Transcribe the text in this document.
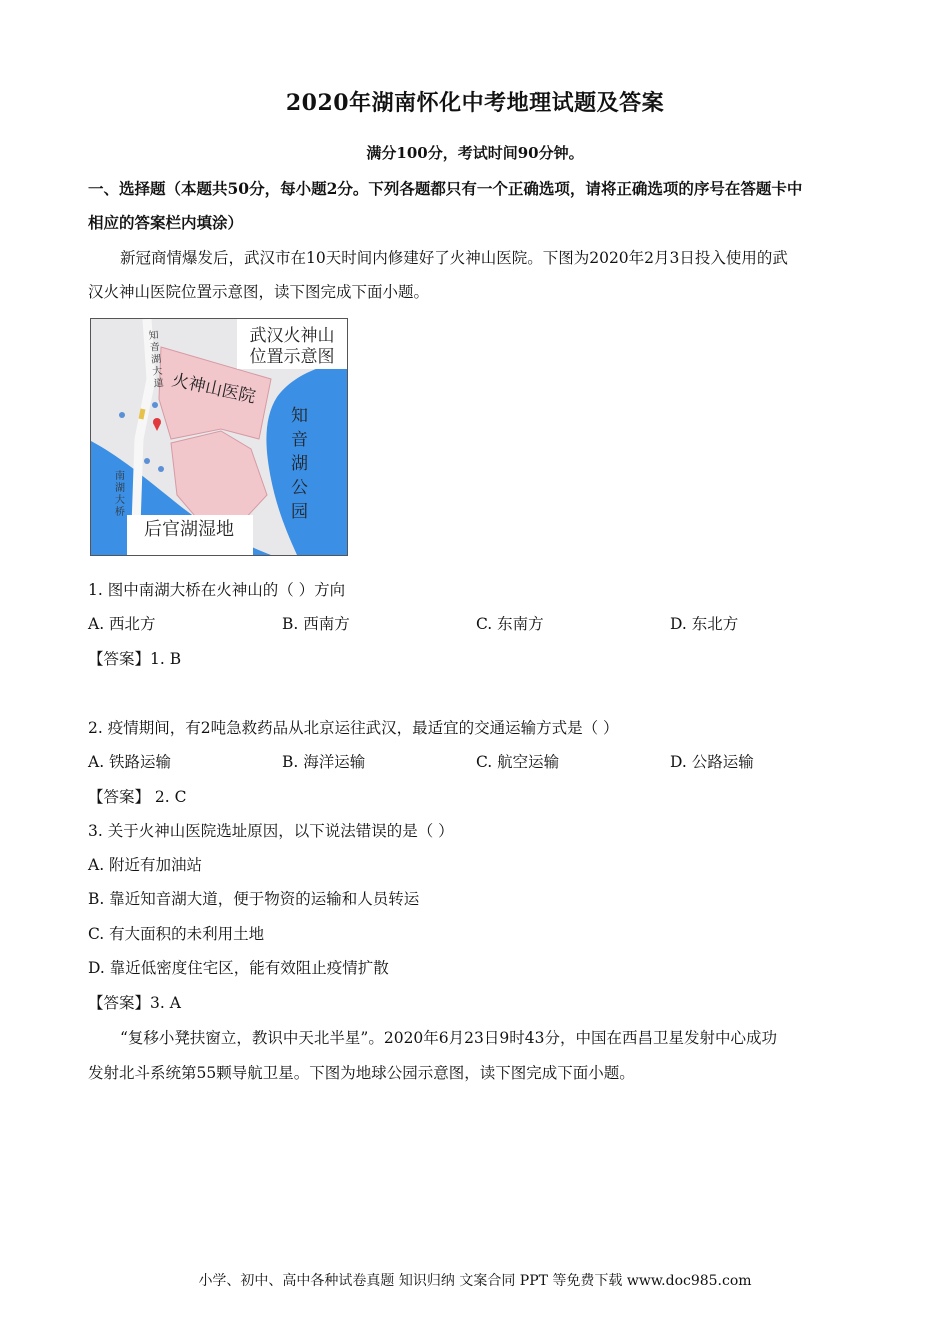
2020年湖南怀化中考地理试题及答案
满分100分，考试时间90分钟。
一、选择题（本题共50分，每小题2分。下列各题都只有一个正确选项，请将正确选项的序号在答题卡中
相应的答案栏内填涂）
新冠商情爆发后，武汉市在10天时间内修建好了火神山医院。下图为2020年2月3日投入使用的武
汉火神山医院位置示意图，读下图完成下面小题。
武汉火神山
位置示意图
火神山医院
后官湖湿地
知 音 湖 公 园
知 音 湖 大 道
南 湖 大 桥
1. 图中南湖大桥在火神山的（ ）方向
A. 西北方	B. 西南方	C. 东南方	D. 东北方
【答案】1. B
2. 疫情期间，有2吨急救药品从北京运往武汉，最适宜的交通运输方式是（ ）
A. 铁路运输	B. 海洋运输	C. 航空运输	D. 公路运输
【答案】 2. C
3. 关于火神山医院选址原因，以下说法错误的是（ ）
A. 附近有加油站
B. 靠近知音湖大道，便于物资的运输和人员转运
C. 有大面积的未利用土地
D. 靠近低密度住宅区，能有效阻止疫情扩散
【答案】3. A
“复移小凳扶窗立，教识中天北半星”。2020年6月23日9时43分，中国在西昌卫星发射中心成功
发射北斗系统第55颗导航卫星。下图为地球公园示意图，读下图完成下面小题。
小学、初中、高中各种试卷真题 知识归纳 文案合同 PPT 等免费下载 www.doc985.com
